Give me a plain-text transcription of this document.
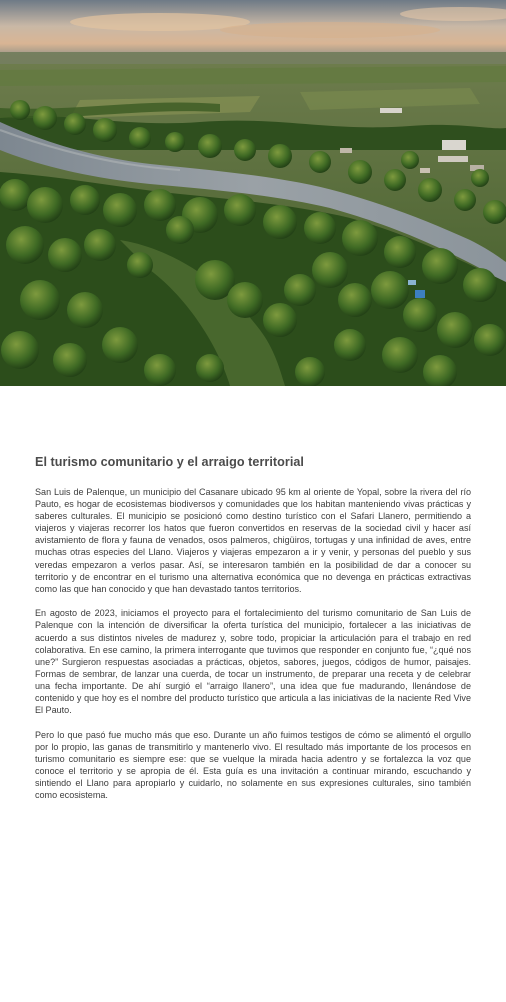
El turismo comunitario y el arraigo territorial

San Luis de Palenque, un municipio del Casanare ubicado 95 km al oriente de Yopal, sobre la rivera del río Pauto, es hogar de ecosistemas biodiversos y comunidades que los habitan manteniendo vivas prácticas y saberes culturales. El municipio se posicionó como destino turístico con el Safari Llanero, permitiendo a viajeros y viajeras recorrer los hatos que fueron convertidos en reservas de la sociedad civil y hacer así avistamiento de flora y fauna de venados, osos palmeros, chigüiros, tortugas y una infinidad de aves, entre muchas otras especies del Llano. Viajeros y viajeras empezaron a ir y venir, y personas del pueblo y sus veredas empezaron a verlos pasar. Así, se interesaron también en la posibilidad de dar a conocer su territorio y de encontrar en el turismo una alternativa económica que no devenga en prácticas extractivas como las que han conocido y que han devastado tantos territorios.

En agosto de 2023, iniciamos el proyecto para el fortalecimiento del turismo comunitario de San Luis de Palenque con la intención de diversificar la oferta turística del municipio, fortalecer a las iniciativas de acuerdo a sus distintos niveles de madurez y, sobre todo, propiciar la articulación para el trabajo en red colaborativa. En ese camino, la primera interrogante que tuvimos que responder en conjunto fue, “¿qué nos une?” Surgieron respuestas asociadas a prácticas, objetos, sabores, juegos, códigos de humor, paisajes. Formas de sembrar, de lanzar una cuerda, de tocar un instrumento, de preparar una receta y de celebrar una fecha importante. De ahí surgió el “arraigo llanero”, una idea que fue madurando, llenándose de contenido y que hoy es el nombre del producto turístico que articula a las iniciativas de la naciente Red Vive El Pauto.

Pero lo que pasó fue mucho más que eso. Durante un año fuimos testigos de cómo se alimentó el orgullo por lo propio, las ganas de transmitirlo y mantenerlo vivo. El resultado más importante de los procesos en turismo comunitario es siempre ese: que se vuelque la mirada hacia adentro y se fortalezca la voz que conoce el territorio y se apropia de él. Esta guía es una invitación a continuar mirando, escuchando y sintiendo el Llano para apropiarlo y cuidarlo, no solamente en sus expresiones culturales, sino también como ecosistema.
